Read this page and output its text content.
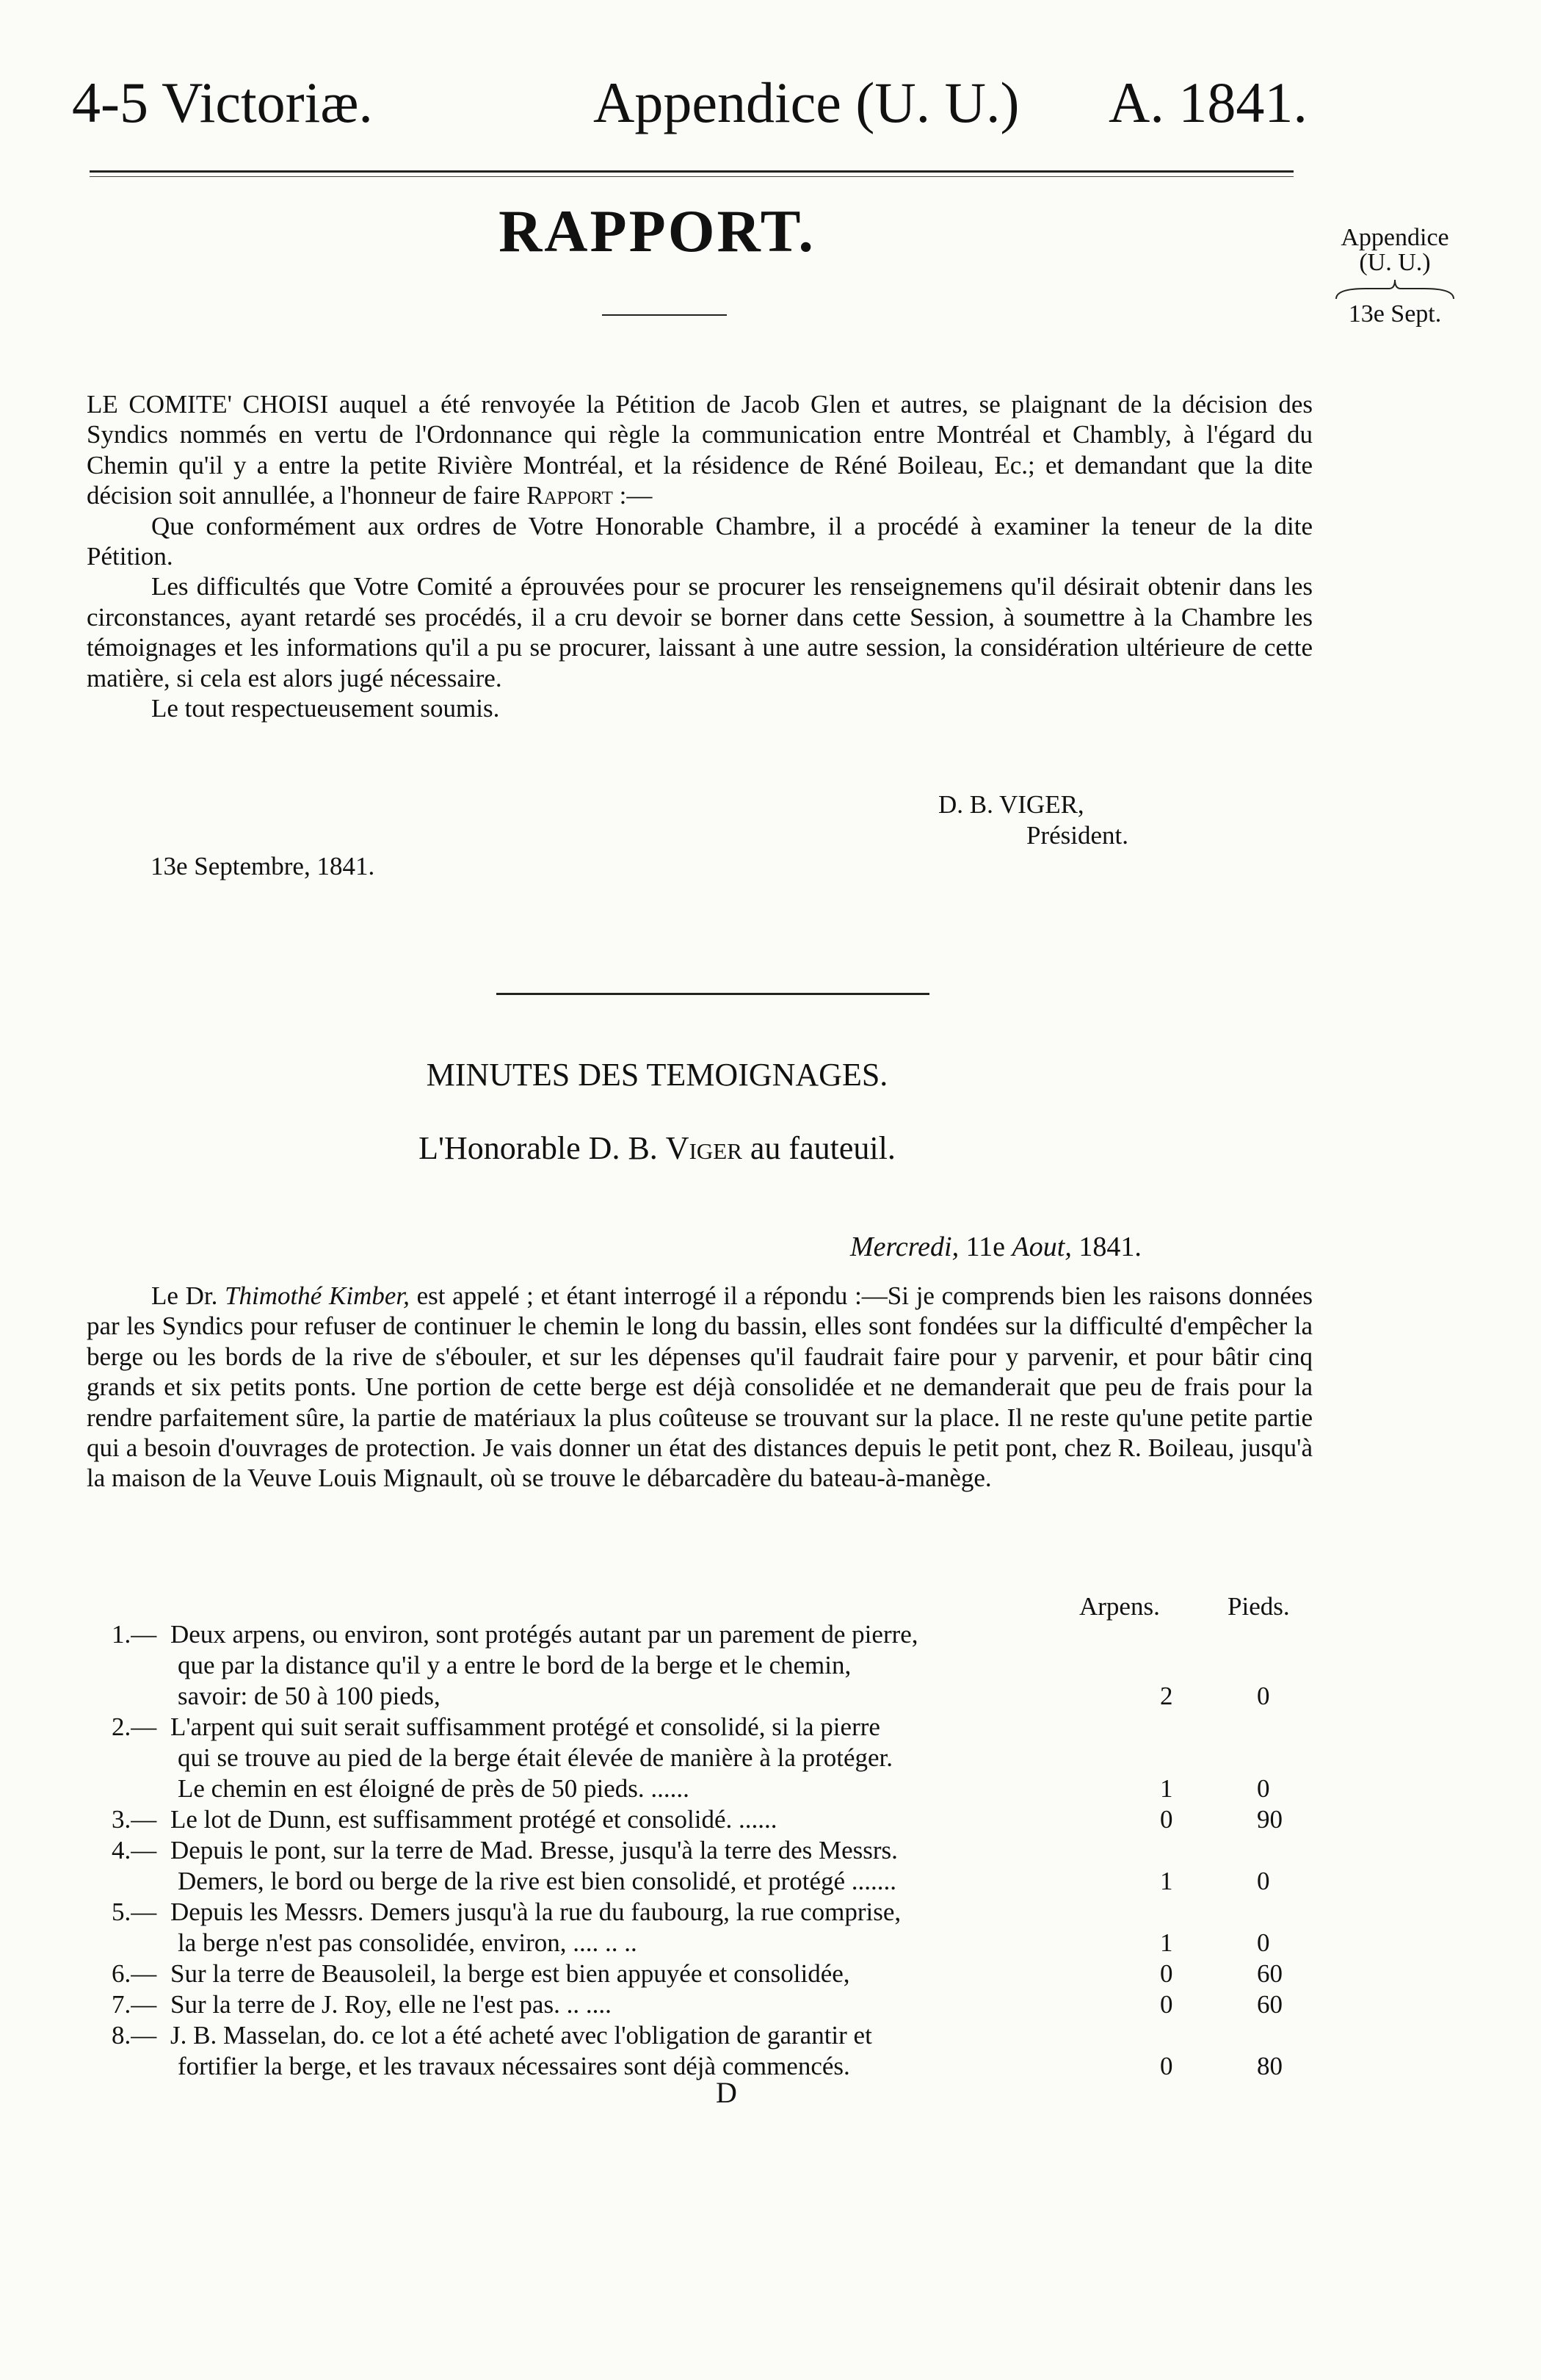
4-5 Victoriæ.	Appendice (U. U.) A. 1841.
RAPPORT.	Appendice
(U. U.)
13e Sept.

LE COMITE' CHOISI auquel a été renvoyée la Pétition de Jacob Glen et autres, se plaignant de la décision des Syndics nommés en vertu de l'Ordonnance qui règle la communication entre Montréal et Chambly, à l'égard du Chemin qu'il y a entre la petite Rivière Montréal, et la résidence de Réné Boileau, Ec.; et demandant que la dite décision soit annullée, a l'honneur de faire Rapport :—

Que conformément aux ordres de Votre Honorable Chambre, il a procédé à examiner la teneur de la dite Pétition.

Les difficultés que Votre Comité a éprouvées pour se procurer les renseignemens qu'il désirait obtenir dans les circonstances, ayant retardé ses procédés, il a cru devoir se borner dans cette Session, à soumettre à la Chambre les témoignages et les informations qu'il a pu se procurer, laissant à une autre session, la considération ultérieure de cette matière, si cela est alors jugé nécessaire.

Le tout respectueusement soumis.

D. B. VIGER,
Président.
13e Septembre, 1841.
MINUTES DES TEMOIGNAGES.
L'Honorable D. B. Viger au fauteuil.
Mercredi, 11e Aout, 1841.

Le Dr. Thimothé Kimber, est appelé ; et étant interrogé il a répondu :—Si je comprends bien les raisons données par les Syndics pour refuser de continuer le chemin le long du bassin, elles sont fondées sur la difficulté d'empêcher la berge ou les bords de la rive de s'ébouler, et sur les dépenses qu'il faudrait faire pour y parvenir, et pour bâtir cinq grands et six petits ponts. Une portion de cette berge est déjà consolidée et ne demanderait que peu de frais pour la rendre parfaitement sûre, la partie de matériaux la plus coûteuse se trouvant sur la place. Il ne reste qu'une petite partie qui a besoin d'ouvrages de protection. Je vais donner un état des distances depuis le petit pont, chez R. Boileau, jusqu'à la maison de la Veuve Louis Mignault, où se trouve le débarcadère du bateau-à-manège.

Arpens.	Pieds.
1.— Deux arpens, ou environ, sont protégés autant par un parement de pierre,
que par la distance qu'il y a entre le bord de la berge et le chemin,
savoir: de 50 à 100 pieds,	2	0
2.— L'arpent qui suit serait suffisamment protégé et consolidé, si la pierre
qui se trouve au pied de la berge était élevée de manière à la protéger.
Le chemin en est éloigné de près de 50 pieds. ......	1	0
3.— Le lot de Dunn, est suffisamment protégé et consolidé. ......	0	90
4.— Depuis le pont, sur la terre de Mad. Bresse, jusqu'à la terre des Messrs.
Demers, le bord ou berge de la rive est bien consolidé, et protégé .......	1	0
5.— Depuis les Messrs. Demers jusqu'à la rue du faubourg, la rue comprise,
la berge n'est pas consolidée, environ, .... .. ..	1	0
6.— Sur la terre de Beausoleil, la berge est bien appuyée et consolidée,	0	60
7.— Sur la terre de J. Roy, elle ne l'est pas. .. ....	0	60
8.— J. B. Masselan, do. ce lot a été acheté avec l'obligation de garantir et
fortifier la berge, et les travaux nécessaires sont déjà commencés.	0	80
D
